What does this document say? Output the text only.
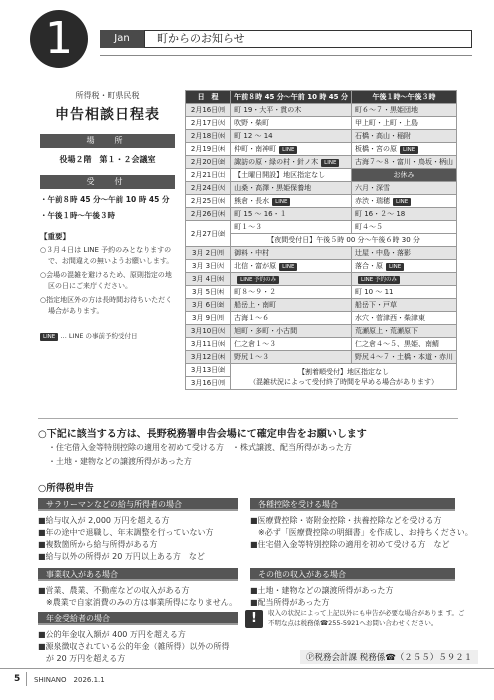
1	Jan	町からのお知らせ
所得税・町県民税
申告相談日程表
場　所
役場２階　第１・２会議室
受　付
・午前８時 45 分〜午前 10 時 45 分
・午後１時〜午後３時
【重要】
○３月４日は LINE 予約のみとなりますので、お間違えの無いようお願いします。
○会場の混雑を避けるため、原則指定の地区の日にご来庁ください。
○指定地区外の方は長時間お待ちいただく場合があります。
LINE … LINE の事前予約受付日
日　程	午前８時 45 分〜午前 10 時 45 分	午後１時〜午後３時
2月16日㈪	町 19・大平・貫の木	町６〜７・黒姫団地
2月17日㈫	吹野・柴町	甲上町・上町・上島
2月18日㈬	町 12 〜 14	石橋・高山・稲附
2月19日㈭	仲町・南神町 LINE	板橋・宮の原 LINE
2月20日㈮	諏訪の原・緑の村・針ノ木 LINE	古海７〜８・富川・鳥坂・柄山
2月21日㈯	【土曜日開設】地区指定なし	お休み
2月24日㈫	山桑・高澤・黒姫保養地	六月・深雪
2月25日㈬	熊倉・長水 LINE	赤渋・瑞穂 LINE
2月26日㈭	町 15 〜 16・１	町 16・２〜 18
2月27日㈮	町１〜３	町４〜５
	【夜間受付日】午後５時 00 分〜午後６時 30 分	
3月 2日㈪	御料・中村	辻屋・中島・落影
3月 3日㈫	北信・富が原 LINE	落合・原 LINE
3月 4日㈬	LINE 予約のみ	LINE 予約のみ
3月 5日㈭	町８〜９・２	町 10 〜 11
3月 6日㈮	船岳上・南町	船岳下・戸草
3月 9日㈪	古海１〜６	水穴・菅津西・柴津東
3月10日㈫	旭町・多町・小古間	荒瀬原上・荒瀬原下
3月11日㈬	仁之倉１〜３	仁之倉４〜５、黒姫、南鯖
3月12日㈭	野尻１〜３	野尻４〜７・土橋・本道・赤川
3月13日㈮	【割着順受付】地区指定なし
（混雑状況によって受付終了時間を早める場合があります）	

3月16日㈪		
○下記に該当する方は、長野税務署申告会場にて確定申告をお願いします
・住宅借入金等特別控除の適用を初めて受ける方　・株式譲渡、配当所得があった方
・土地・建物などの譲渡所得があった方
○所得税申告
サラリーマンなどの給与所得者の場合
■給与収入が 2,000 万円を超える方
■年の途中で退職し、年末調整を行っていない方
■複数箇所から給与所得がある方
■給与以外の所得が 20 万円以上ある方　など
事業収入がある場合
■営業、農業、不動産などの収入がある方
　※農業で自家消費のみの方は事業所得になりません。
年金受給者の場合
■公的年金収入額が 400 万円を超える方
■源泉徴収されている公的年金（雑所得）以外の所得
　が 20 万円を超える方
各種控除を受ける場合
■医療費控除・寄附金控除・扶養控除などを受ける方
　※必ず「医療費控除の明細書」を作成し、お持ちください。
■住宅借入金等特別控除の適用を初めて受ける方　など
その他の収入がある場合
■土地・建物などの譲渡所得があった方
■配当所得があった方
!	収入の状況によって上記以外にも申告が必要な場合がありま す。ご不明な点は税務係☎255-5921へお問い合わせください。
Ⓟ税務会計課 税務係☎（２５５）５９２１
5 SHINANO　2026.1.1
